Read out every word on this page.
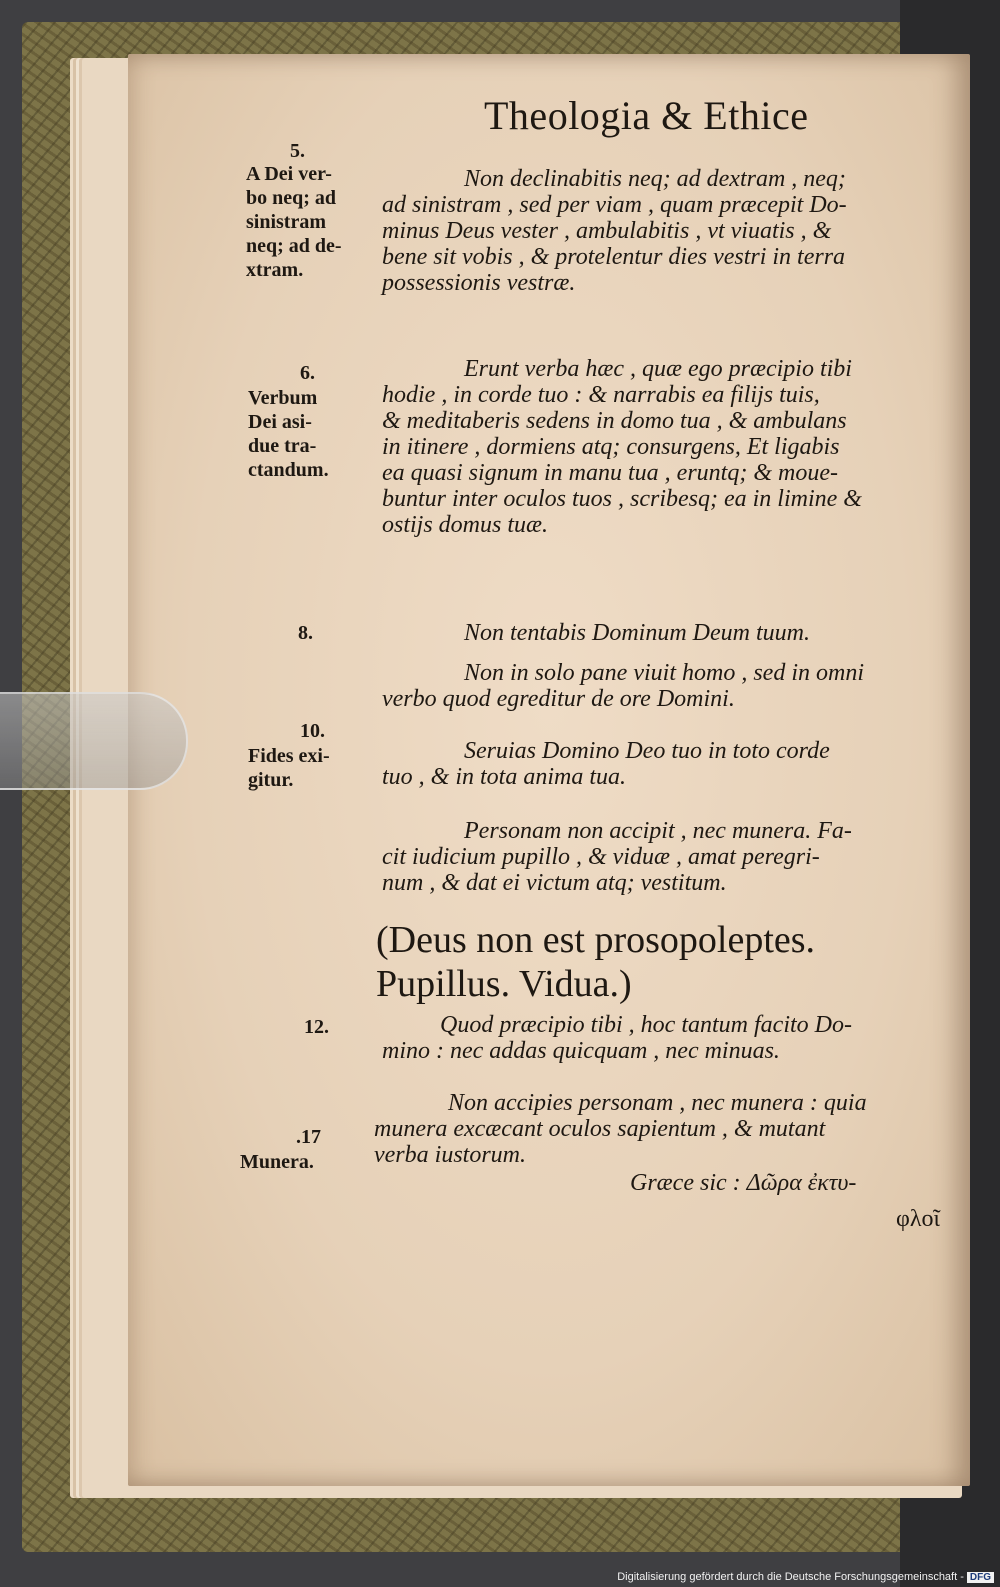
Theologia & Ethice
5.
A Dei ver-
bo neq; ad
sinistram
neq; ad de-
xtram.
6.
Verbum
Dei asi-
due tra-
ctandum.
8.
10.
Fides exi-
gitur.
12.
.17
Munera.
Non declinabitis neq; ad dextram , neq;
ad sinistram , sed per viam , quam præcepit Do-
minus Deus vester , ambulabitis , vt viuatis , &
bene sit vobis , & protelentur dies vestri in terra
possessionis vestræ.
Erunt verba hæc , quæ ego præcipio tibi
hodie , in corde tuo : & narrabis ea filijs tuis,
& meditaberis sedens in domo tua , & ambulans
in itinere , dormiens atq; consurgens, Et ligabis
ea quasi signum in manu tua , eruntq; & moue-
buntur inter oculos tuos , scribesq; ea in limine &
ostijs domus tuæ.
Non tentabis Dominum Deum tuum.
Non in solo pane viuit homo , sed in omni
verbo quod egreditur de ore Domini.
Seruias Domino Deo tuo in toto corde
tuo , & in tota anima tua.
Personam non accipit , nec munera. Fa-
cit iudicium pupillo , & viduæ , amat peregri-
num , & dat ei victum atq; vestitum.
(Deus non est prosopoleptes.
Pupillus. Vidua.)
Quod præcipio tibi , hoc tantum facito Do-
mino : nec addas quicquam , nec minuas.
Non accipies personam , nec munera : quia
munera excæcant oculos sapientum , & mutant
verba iustorum.
Græce sic : Δῶρα ἐκτυ-
φλοῖ
Digitalisierung gefördert durch die Deutsche Forschungsgemeinschaft - DFG
